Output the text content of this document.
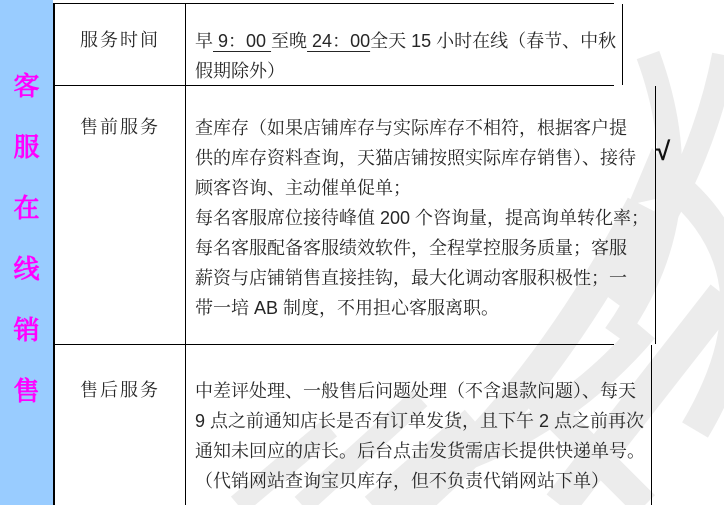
客
服
在
线
销
售
服务时间	早 9：00 至晚 24：00全天 15 小时在线（春节、中秋
假期除外）
售前服务	查库存（如果店铺库存与实际库存不相符，根据客户提
供的库存资料查询，天猫店铺按照实际库存销售）、接待
顾客咨询、主动催单促单；
每名客服席位接待峰值 200 个咨询量，提高询单转化率；
每名客服配备客服绩效软件，全程掌控服务质量；客服
薪资与店铺销售直接挂钩，最大化调动客服积极性；一
带一培 AB 制度，不用担心客服离职。
售后服务	中差评处理、一般售后问题处理（不含退款问题）、每天
9 点之前通知店长是否有订单发货，且下午 2 点之前再次
通知未回应的店长。后台点击发货需店长提供快递单号。
（代销网站查询宝贝库存，但不负责代销网站下单）
√
